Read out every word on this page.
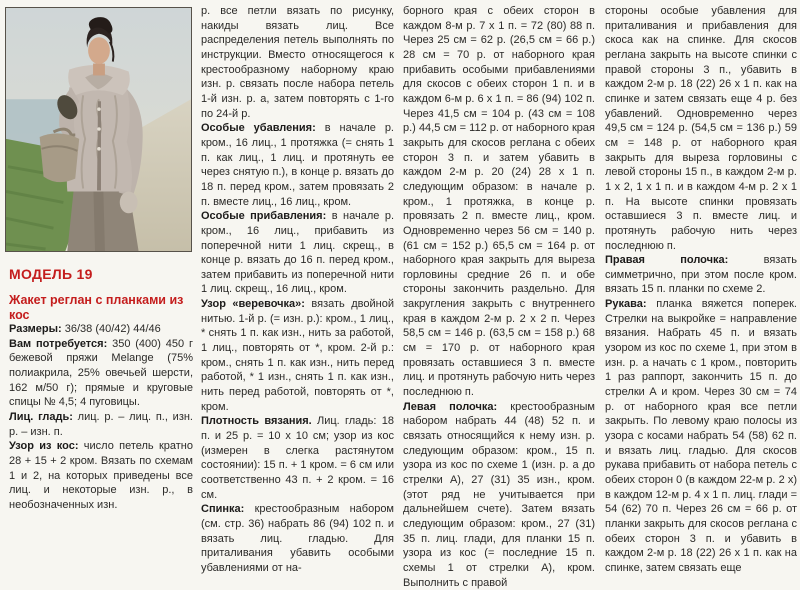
МОДЕЛЬ 19
Жакет реглан с планками из кос
Размеры: 36/38 (40/42) 44/46
Вам потребуется: 350 (400) 450 г бежевой пряжи Melange (75% полиакрила, 25% овечьей шерсти, 162 м/50 г); прямые и круговые спицы № 4,5; 4 пуговицы.
Лиц. гладь: лиц. р. – лиц. п., изн. р. – изн. п.
Узор из кос: число петель кратно 28 + 15 + 2 кром. Вязать по схемам 1 и 2, на которых приведены все лиц. и некоторые изн. р., в необозначенных изн.
р. все петли вязать по рисунку, накиды вязать лиц. Все распределения петель выполнять по инструкции. Вместо относящегося к крестообразному наборному краю изн. р. связать после набора петель 1-й изн. р. а, затем повторять с 1-го по 24-й р.
Особые убавления: в начале р. кром., 16 лиц., 1 протяжка (= снять 1 п. как лиц., 1 лиц. и протянуть ее через снятую п.), в конце р. вязать до 18 п. перед кром., затем провязать 2 п. вместе лиц., 16 лиц., кром.
Особые прибавления: в начале р. кром., 16 лиц., прибавить из поперечной нити 1 лиц. скрещ., в конце р. вязать до 16 п. перед кром., затем прибавить из поперечной нити 1 лиц. скрещ., 16 лиц., кром.
Узор «веревочка»: вязать двойной нитью. 1-й р. (= изн. р.): кром., 1 лиц., * снять 1 п. как изн., нить за работой, 1 лиц., повторять от *, кром. 2-й р.: кром., снять 1 п. как изн., нить перед работой, * 1 изн., снять 1 п. как изн., нить перед работой, повторять от *, кром.
Плотность вязания. Лиц. гладь: 18 п. и 25 р. = 10 х 10 см; узор из кос (измерен в слегка растянутом состоянии): 15 п. + 1 кром. = 6 см или соответственно 43 п. + 2 кром. = 16 см.
Спинка: крестообразным набором (см. стр. 36) набрать 86 (94) 102 п. и вязать лиц. гладью. Для приталивания убавить особыми убавлениями от на-
борного края с обеих сторон в каждом 8-м р. 7 х 1 п. = 72 (80) 88 п. Через 25 см = 62 р. (26,5 см = 66 р.) 28 см = 70 р. от наборного края прибавить особыми прибавлениями для скосов с обеих сторон 1 п. и в каждом 6-м р. 6 х 1 п. = 86 (94) 102 п. Через 41,5 см = 104 р. (43 см = 108 р.) 44,5 см = 112 р. от наборного края закрыть для скосов реглана с обеих сторон 3 п. и затем убавить в каждом 2-м р. 20 (24) 28 х 1 п. следующим образом: в начале р. кром., 1 протяжка, в конце р. провязать 2 п. вместе лиц., кром. Одновременно через 56 см = 140 р. (61 см = 152 р.) 65,5 см = 164 р. от наборного края закрыть для выреза горловины средние 26 п. и обе стороны закончить раздельно. Для закругления закрыть с внутреннего края в каждом 2-м р. 2 х 2 п. Через 58,5 см = 146 р. (63,5 см = 158 р.) 68 см = 170 р. от наборного края провязать оставшиеся 3 п. вместе лиц. и протянуть рабочую нить через последнюю п.
Левая полочка: крестообразным набором набрать 44 (48) 52 п. и связать относящийся к нему изн. р. следующим образом: кром., 15 п. узора из кос по схеме 1 (изн. р. а до стрелки А), 27 (31) 35 изн., кром. (этот ряд не учитывается при дальнейшем счете). Затем вязать следующим образом: кром., 27 (31) 35 п. лиц. глади, для планки 15 п. узора из кос (= последние 15 п. схемы 1 от стрелки А), кром. Выполнить с правой
стороны особые убавления для приталивания и прибавления для скоса как на спинке. Для скосов реглана закрыть на высоте спинки с правой стороны 3 п., убавить в каждом 2-м р. 18 (22) 26 х 1 п. как на спинке и затем связать еще 4 р. без убавлений. Одновременно через 49,5 см = 124 р. (54,5 см = 136 р.) 59 см = 148 р. от наборного края закрыть для выреза горловины с левой стороны 15 п., в каждом 2-м р. 1 х 2, 1 х 1 п. и в каждом 4-м р. 2 х 1 п. На высоте спинки провязать оставшиеся 3 п. вместе лиц. и протянуть рабочую нить через последнюю п.
Правая полочка: вязать симметрично, при этом после кром. вязать 15 п. планки по схеме 2.
Рукава: планка вяжется поперек. Стрелки на выкройке = направление вязания. Набрать 45 п. и вязать узором из кос по схеме 1, при этом в изн. р. а начать с 1 кром., повторить 1 раз раппорт, закончить 15 п. до стрелки А и кром. Через 30 см = 74 р. от наборного края все петли закрыть. По левому краю полосы из узора с косами набрать 54 (58) 62 п. и вязать лиц. гладью. Для скосов рукава прибавить от набора петель с обеих сторон 0 (в каждом 22-м р. 2 х) в каждом 12-м р. 4 х 1 п. лиц. глади = 54 (62) 70 п. Через 26 см = 66 р. от планки закрыть для скосов реглана с обеих сторон 3 п. и убавить в каждом 2-м р. 18 (22) 26 х 1 п. как на спинке, затем связать еще
